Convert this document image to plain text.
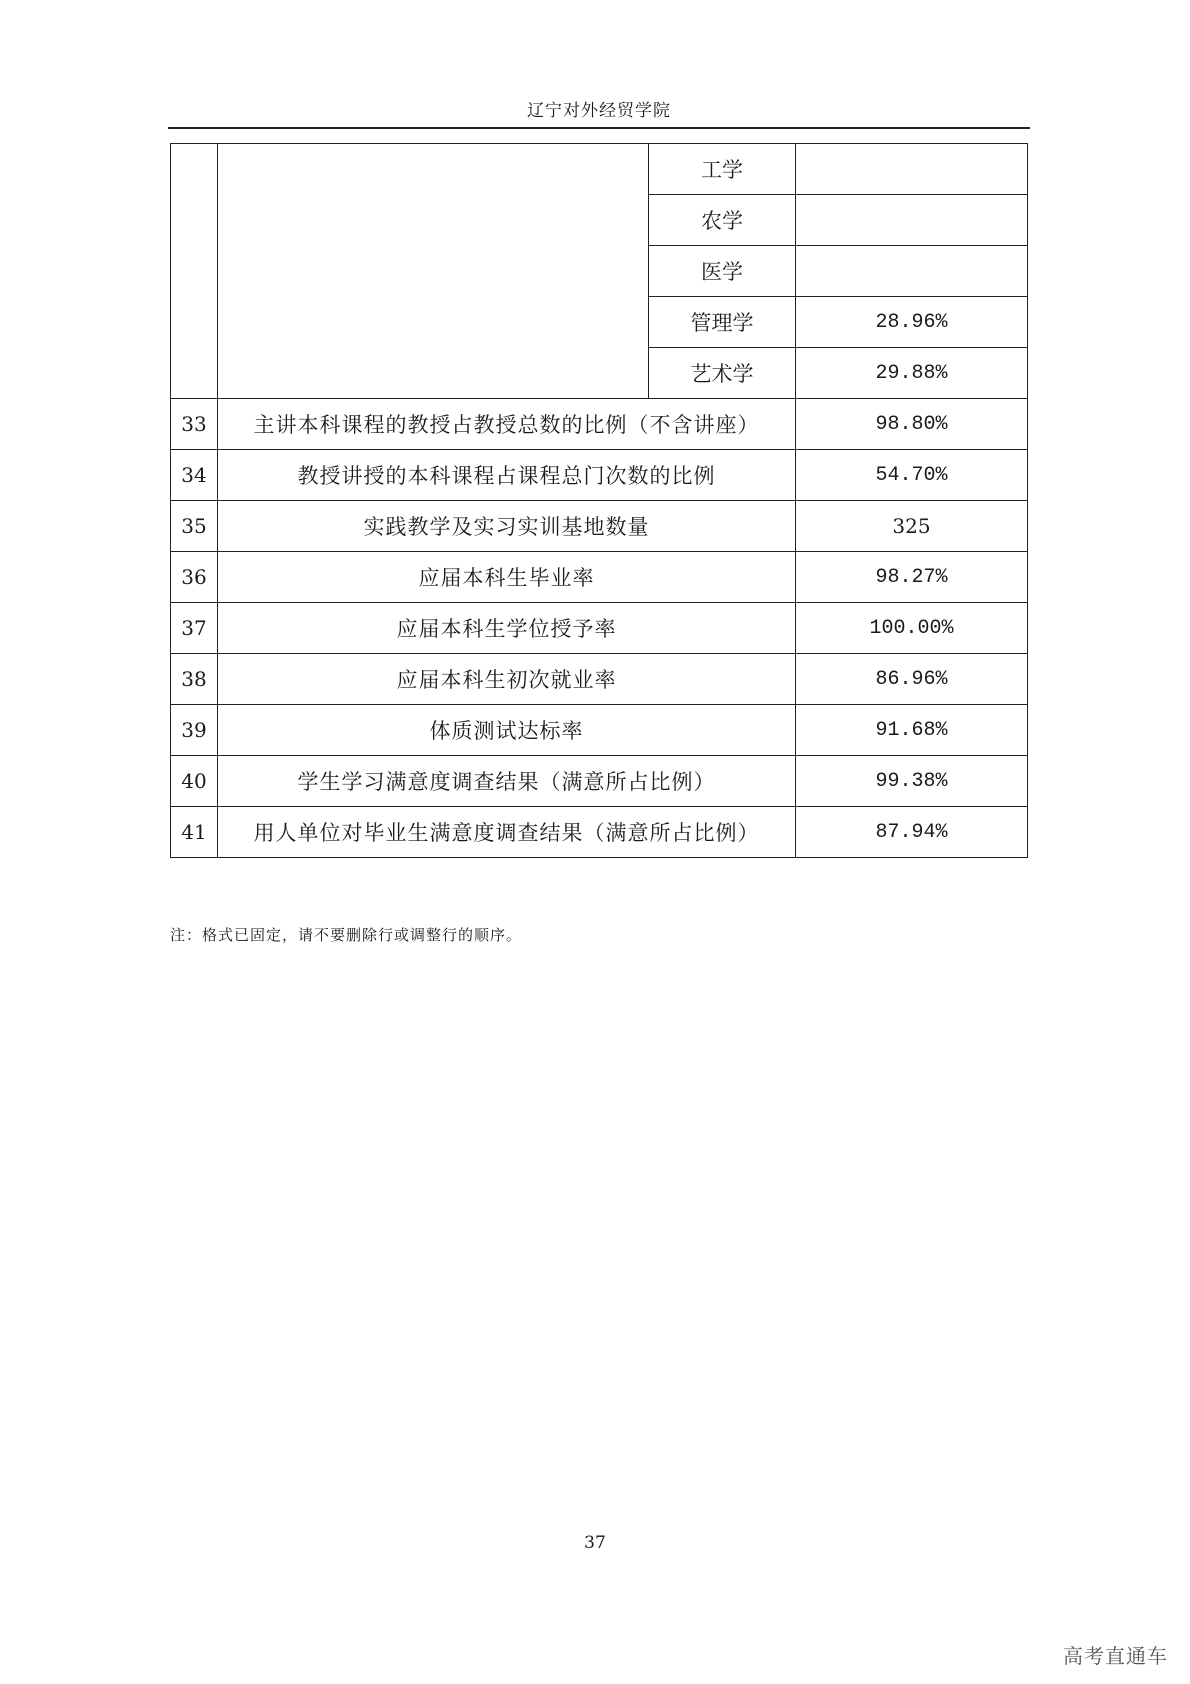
辽宁对外经贸学院
		工学	
		农学	
		医学	
		管理学	28.96%
		艺术学	29.88%
33	主讲本科课程的教授占教授总数的比例（不含讲座）		98.80%
34	教授讲授的本科课程占课程总门次数的比例		54.70%
35	实践教学及实习实训基地数量		325
36	应届本科生毕业率		98.27%
37	应届本科生学位授予率		100.00%
38	应届本科生初次就业率		86.96%
39	体质测试达标率		91.68%
40	学生学习满意度调查结果（满意所占比例）		99.38%
41	用人单位对毕业生满意度调查结果（满意所占比例）		87.94%
注：格式已固定，请不要删除行或调整行的顺序。
37
高考直通车
